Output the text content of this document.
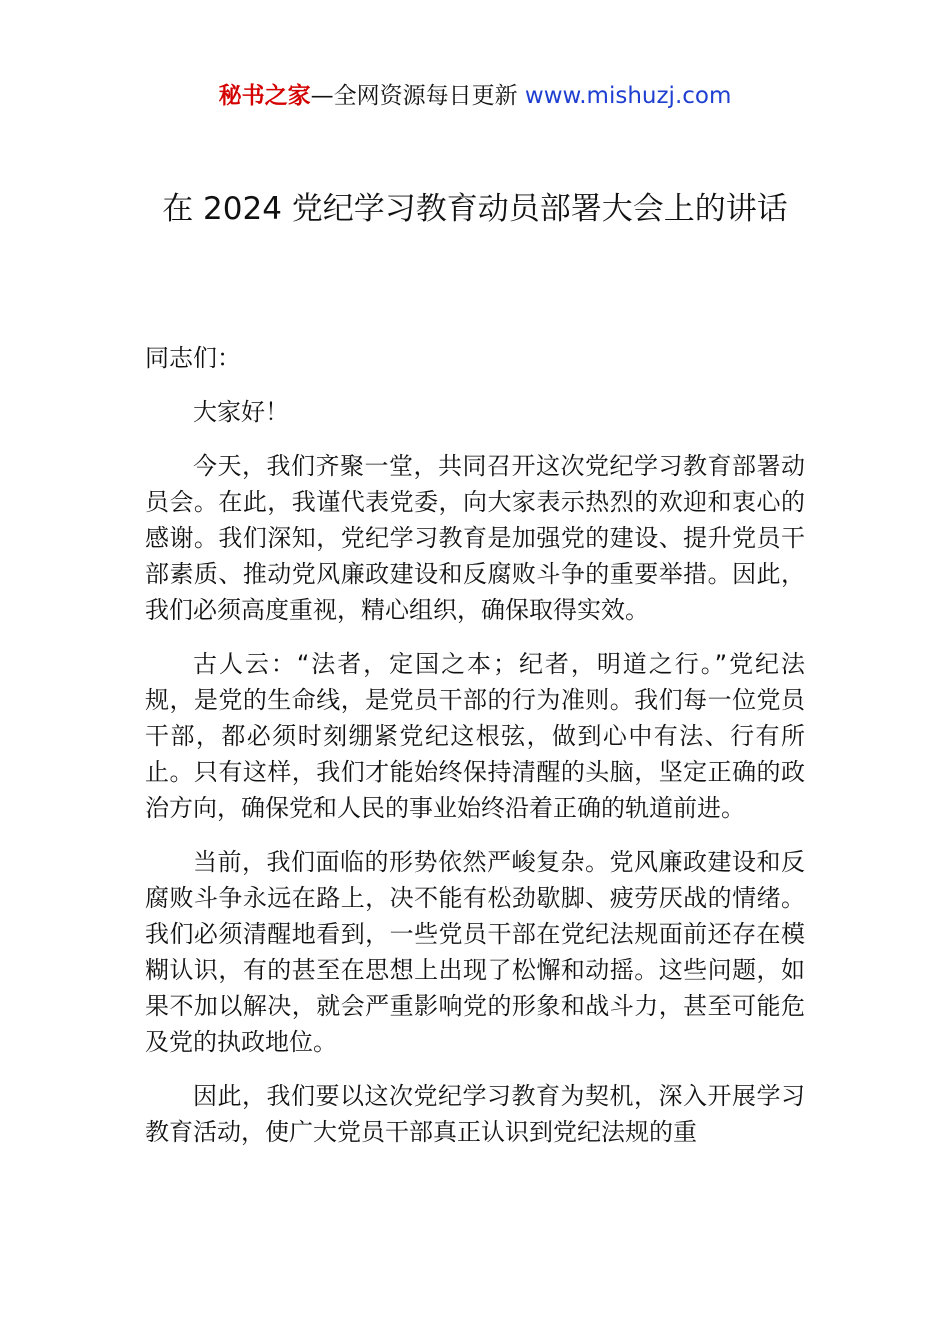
秘书之家—全网资源每日更新 www.mishuzj.com
在 2024 党纪学习教育动员部署大会上的讲话
同志们：

大家好！

今天，我们齐聚一堂，共同召开这次党纪学习教育部署动员会。在此，我谨代表党委，向大家表示热烈的欢迎和衷心的感谢。我们深知，党纪学习教育是加强党的建设、提升党员干部素质、推动党风廉政建设和反腐败斗争的重要举措。因此，我们必须高度重视，精心组织，确保取得实效。

古人云：“法者，定国之本；纪者，明道之行。”党纪法规，是党的生命线，是党员干部的行为准则。我们每一位党员干部，都必须时刻绷紧党纪这根弦，做到心中有法、行有所止。只有这样，我们才能始终保持清醒的头脑，坚定正确的政治方向，确保党和人民的事业始终沿着正确的轨道前进。

当前，我们面临的形势依然严峻复杂。党风廉政建设和反腐败斗争永远在路上，决不能有松劲歇脚、疲劳厌战的情绪。我们必须清醒地看到，一些党员干部在党纪法规面前还存在模糊认识，有的甚至在思想上出现了松懈和动摇。这些问题，如果不加以解决，就会严重影响党的形象和战斗力，甚至可能危及党的执政地位。

因此，我们要以这次党纪学习教育为契机，深入开展学习教育活动，使广大党员干部真正认识到党纪法规的重
